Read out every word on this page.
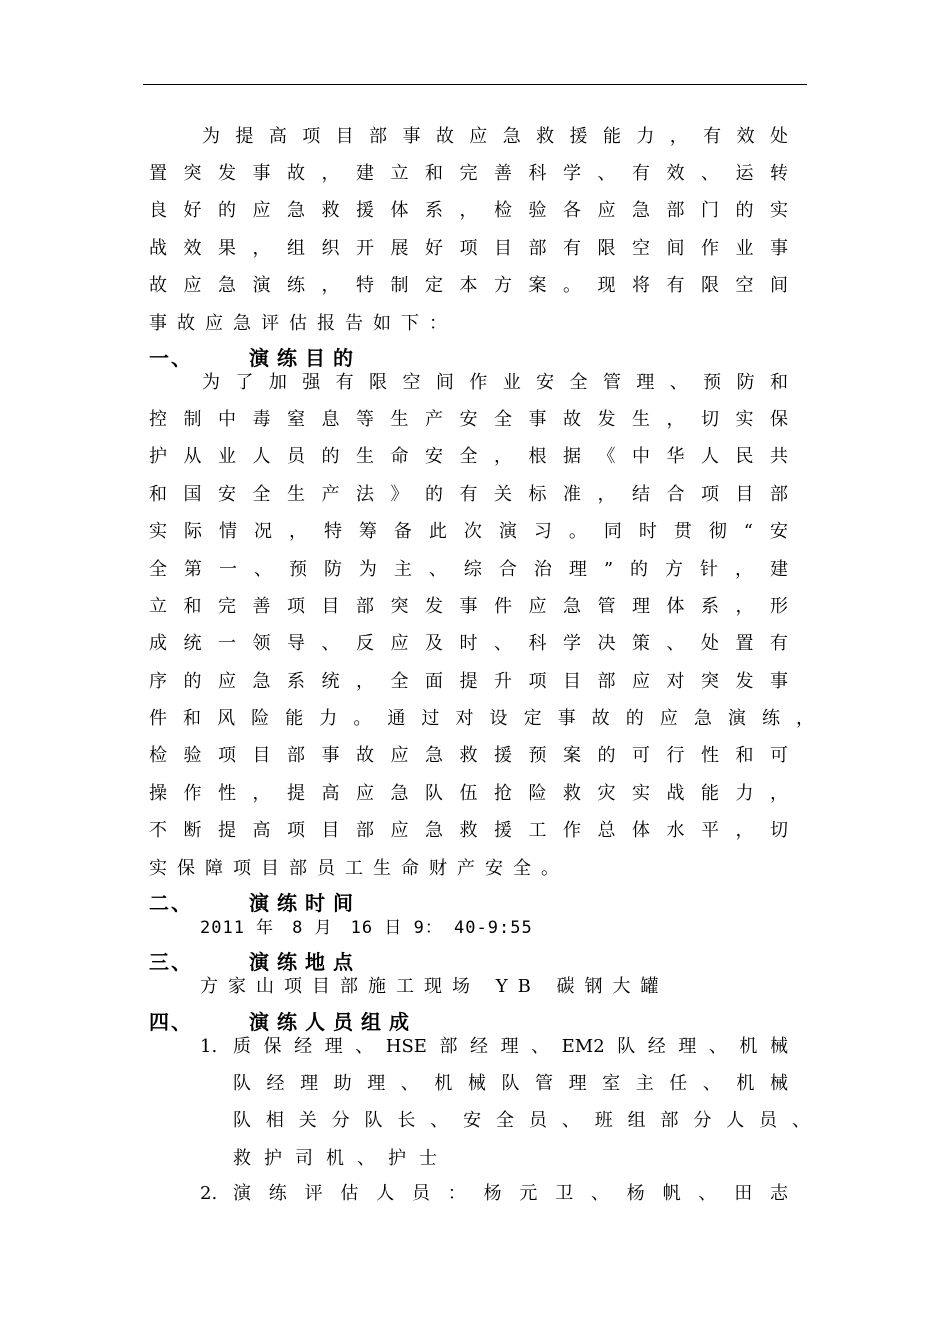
为提高项目部事故应急救援能力，有效处
置突发事故，建立和完善科学、有效、运转
良好的应急救援体系，检验各应急部门的实
战效果，组织开展好项目部有限空间作业事
故应急演练，特制定本方案。现将有限空间
事故应急评估报告如下：
一、	演练目的
为了加强有限空间作业安全管理、预防和
控制中毒窒息等生产安全事故发生，切实保
护从业人员的生命安全，根据《中华人民共
和国安全生产法》的有关标准，结合项目部
实际情况，特筹备此次演习。同时贯彻“安
全第一、预防为主、综合治理”的方针，建
立和完善项目部突发事件应急管理体系，形
成统一领导、反应及时、科学决策、处置有
序的应急系统，全面提升项目部应对突发事
件和风险能力。通过对设定事故的应急演练，
检验项目部事故应急救援预案的可行性和可
操作性，提高应急队伍抢险救灾实战能力，
不断提高项目部应急救援工作总体水平，切
实保障项目部员工生命财产安全。
二、	演练时间
2011 年　8 月　16 日 9： 40-9:55
三、	演练地点
方家山项目部施工现场 YB 碳钢大罐
四、	演练人员组成
1. 质保经理、HSE部经理、EM2队经理、机械
队经理助理、机械队管理室主任、机械
队相关分队长、安全员、班组部分人员、
救护司机、护士
2. 演练评估人员：杨元卫、杨帆、田志
